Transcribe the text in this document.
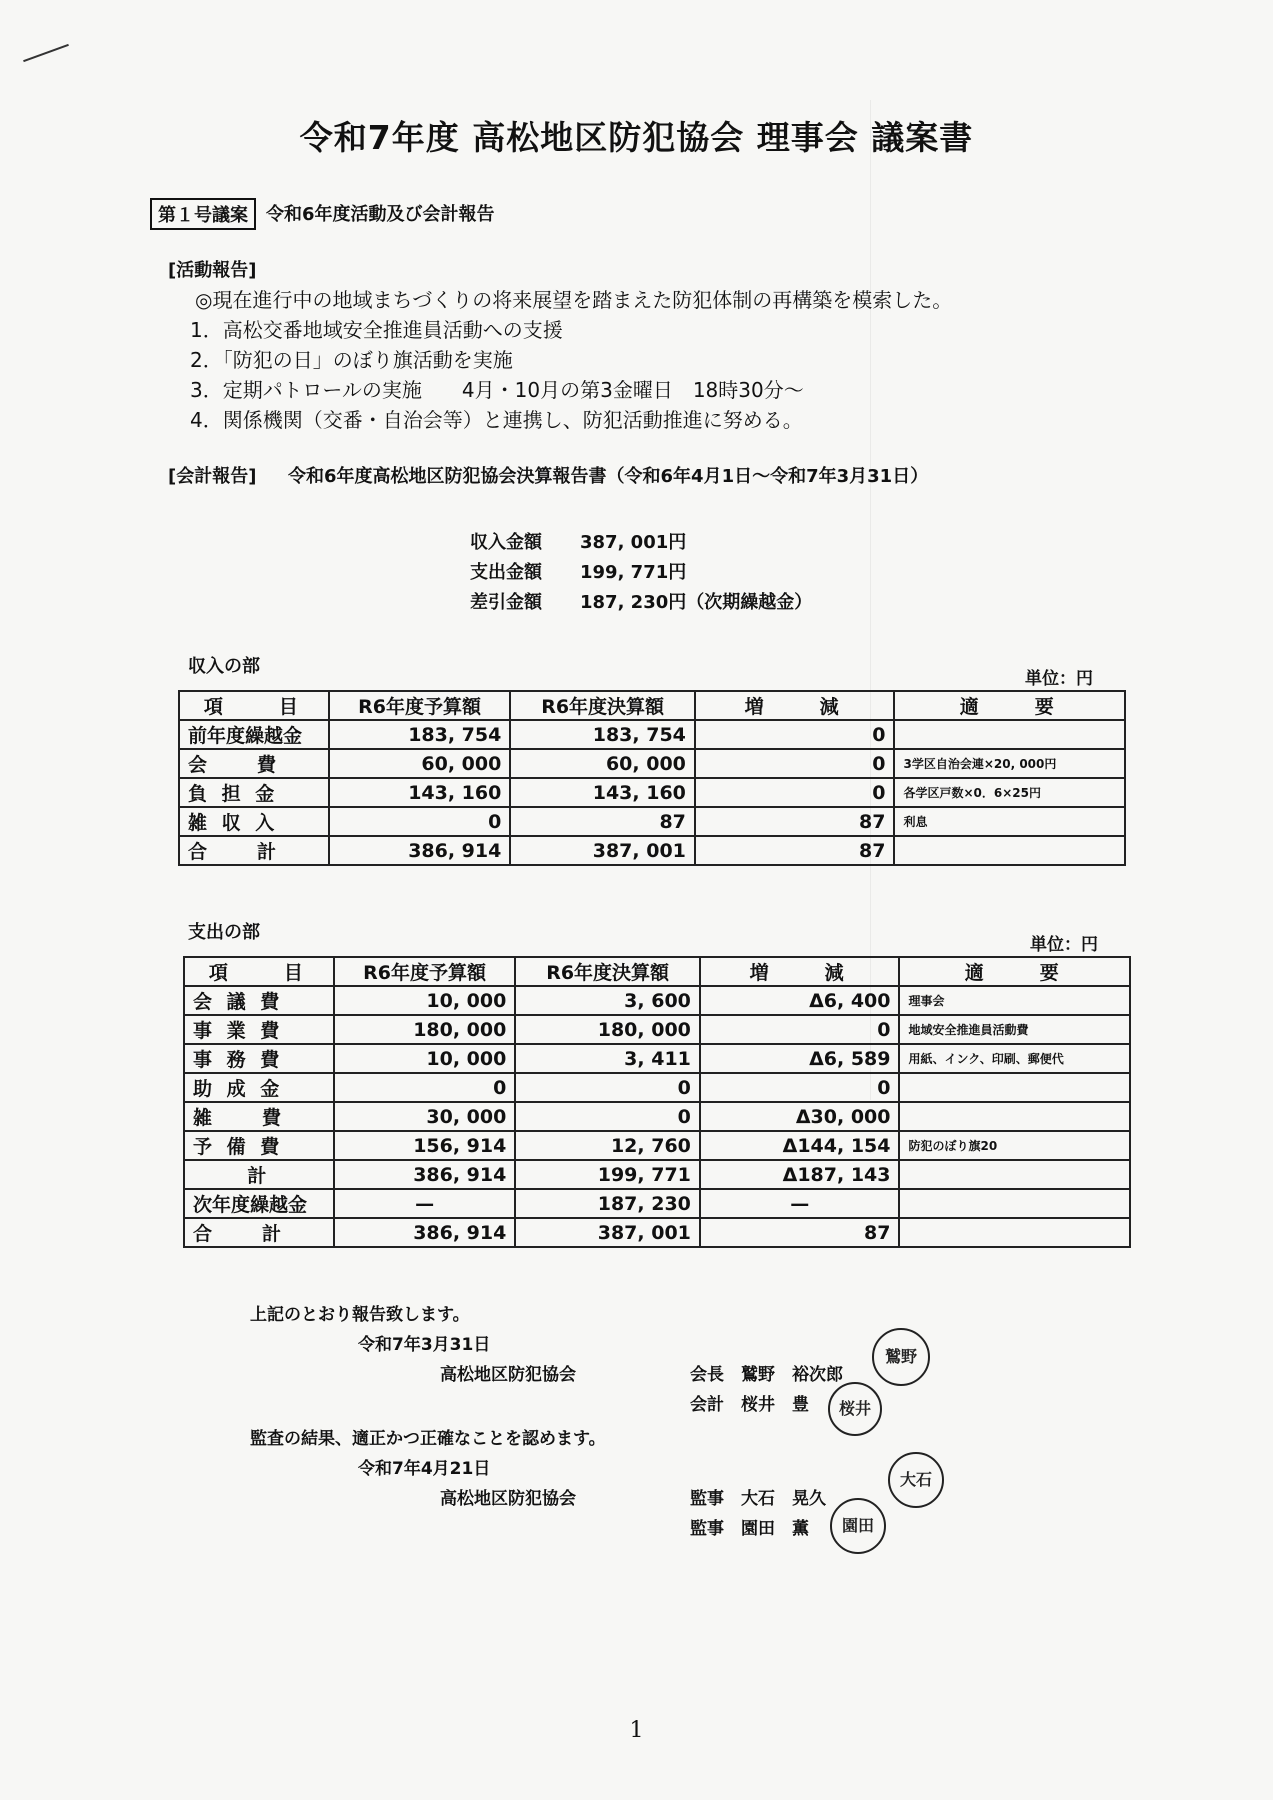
令和7年度 高松地区防犯協会 理事会 議案書
第１号議案	令和6年度活動及び会計報告
[活動報告]
◎現在進行中の地域まちづくりの将来展望を踏まえた防犯体制の再構築を模索した。
1．高松交番地域安全推進員活動への支援
2．「防犯の日」のぼり旗活動を実施
3．定期パトロールの実施　　4月・10月の第3金曜日　18時30分～
4．関係機関（交番・自治会等）と連携し、防犯活動推進に努める。
[会計報告] 令和6年度高松地区防犯協会決算報告書（令和6年4月1日～令和7年3月31日）
収入金額 387, 001円
支出金額 199, 771円
差引金額 187, 230円（次期繰越金）
収入の部
単位：円
項　　目	R6年度予算額	R6年度決算額	増　　減	適　　要
前年度繰越金	183, 754	183, 754	0	
会　　費	60, 000	60, 000	0	3学区自治会連×20, 000円
負 担 金	143, 160	143, 160	0	各学区戸数×0．6×25円
雑 収 入	0	87	87	利息
合　　計	386, 914	387, 001	87	
支出の部
単位：円
項　　目	R6年度予算額	R6年度決算額	増　　減	適　　要
会 議 費	10, 000	3, 600	Δ6, 400	理事会
事 業 費	180, 000	180, 000	0	地域安全推進員活動費
事 務 費	10, 000	3, 411	Δ6, 589	用紙、インク、印刷、郵便代
助 成 金	0	0	0	
雑　　費	30, 000	0	Δ30, 000	
予 備 費	156, 914	12, 760	Δ144, 154	防犯のぼり旗20
計	386, 914	199, 771	Δ187, 143	
次年度繰越金	—	187, 230	—	
合　　計	386, 914	387, 001	87	
上記のとおり報告致します。
令和7年3月31日
高松地区防犯協会	会長　鷲野　裕次郎
会計　桜井　豊
鷲野
桜井
監査の結果、適正かつ正確なことを認めます。
令和7年4月21日
高松地区防犯協会	監事　大石　晃久
監事　園田　薫
大石
園田
1
